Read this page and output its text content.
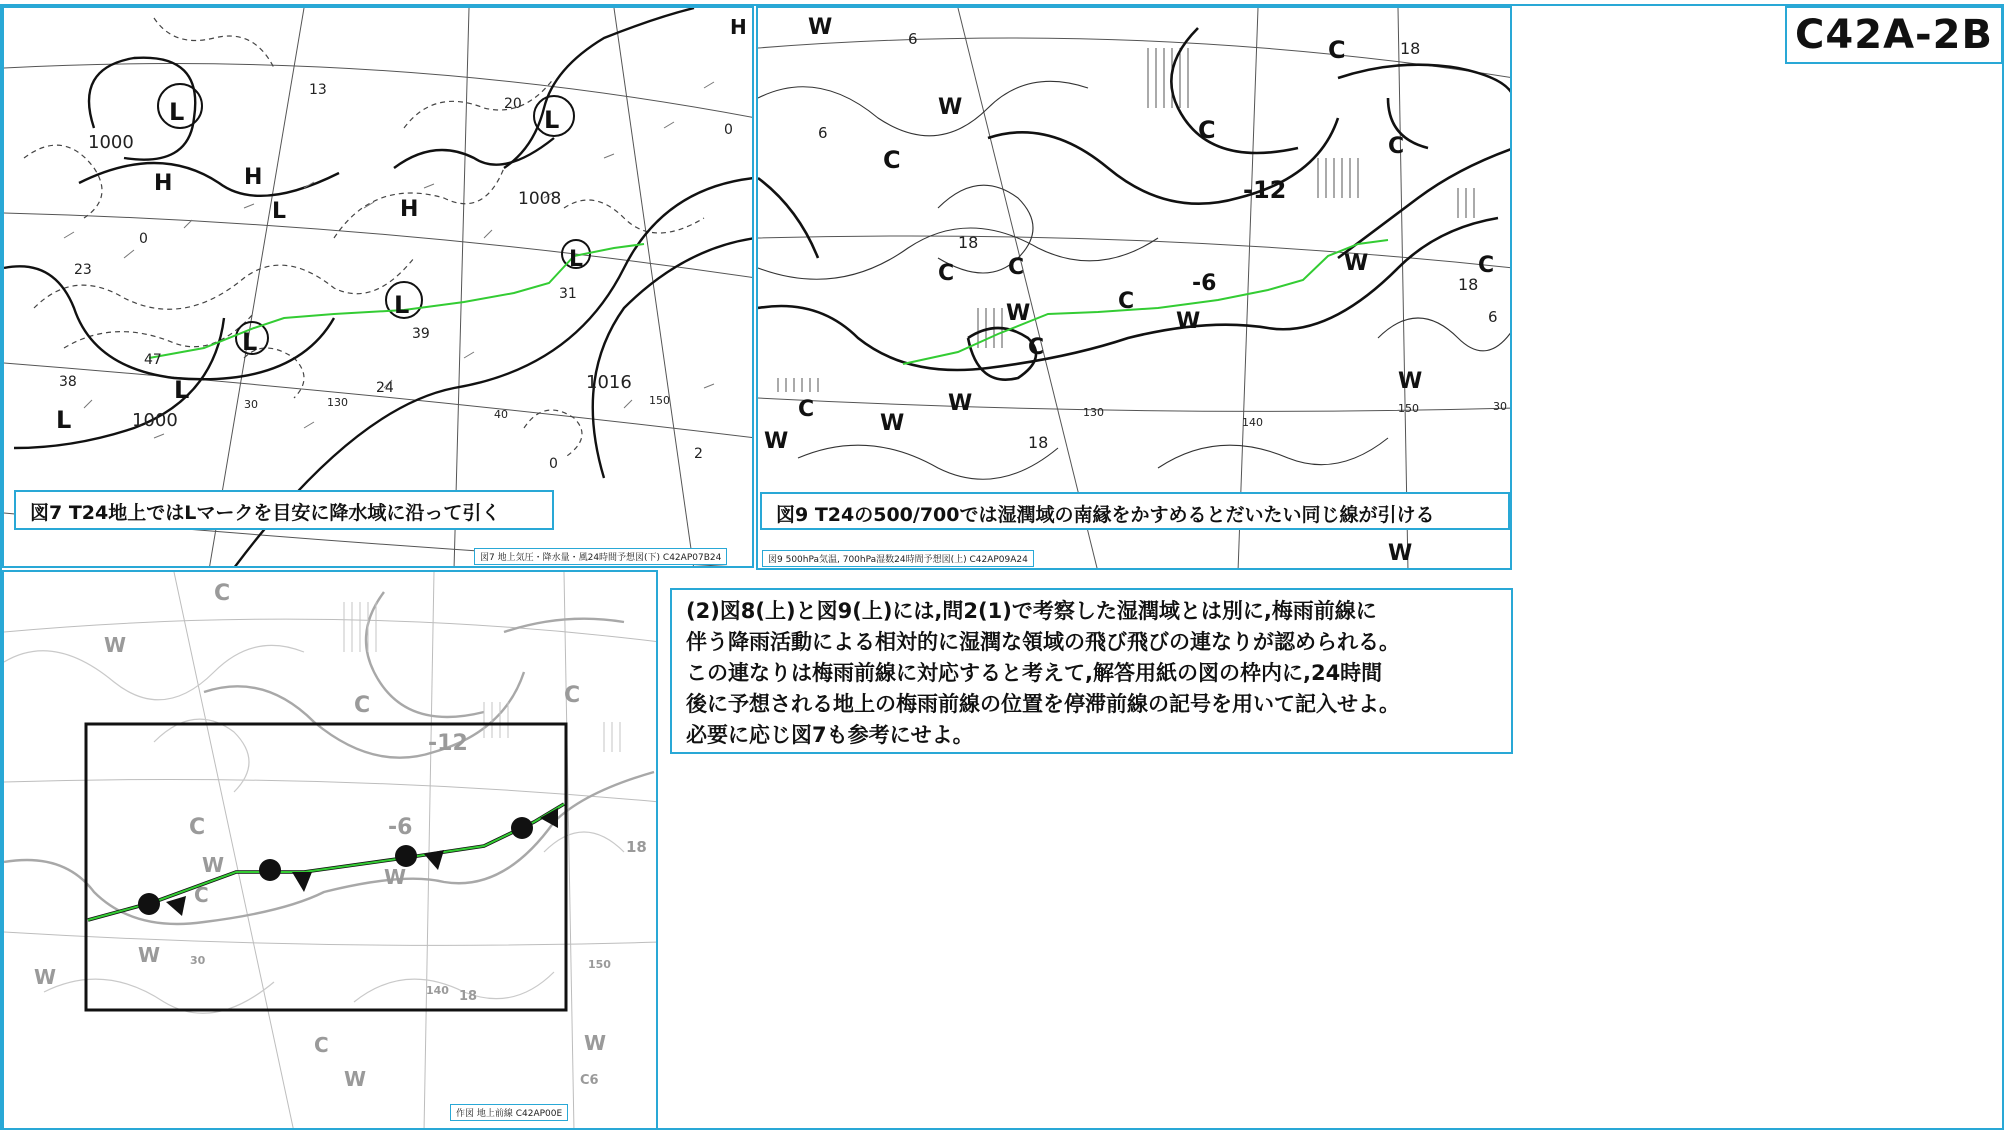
L	L
L
L
L
L
L
L
H
H
H
H
1000
1000
1008
1016
13
47
38
23
24
31
39
20
2
0
0
0
30
40
150
130
図7 T24地上ではLマークを目安に降水域に沿って引く
図7 地上気圧・降水量・風24時間予想図(下) C42AP07B24
C
C
C
C C
C
C
C
C
C
W
W
W	W
W
W
W
W
W
W
-12
-6
18
18
18
18
6
6
6
130
140
150	30
図9 T24の500/700では湿潤域の南縁をかすめるとだいたい同じ線が引ける
図9 500hPa気温, 700hPa湿数24時間予想図(上) C42AP09A24
C
C
C
C
C
C
W
W	W
W
W
W
W
18
18
140
150
30
C6
-12
-6
作図 地上前線 C42AP00E
C42A-2B
(2)図8(上)と図9(上)には,問2(1)で考察した湿潤域とは別に,梅雨前線に
伴う降雨活動による相対的に湿潤な領域の飛び飛びの連なりが認められる。
この連なりは梅雨前線に対応すると考えて,解答用紙の図の枠内に,24時間
後に予想される地上の梅雨前線の位置を停滞前線の記号を用いて記入せよ。
必要に応じ図7も参考にせよ。
